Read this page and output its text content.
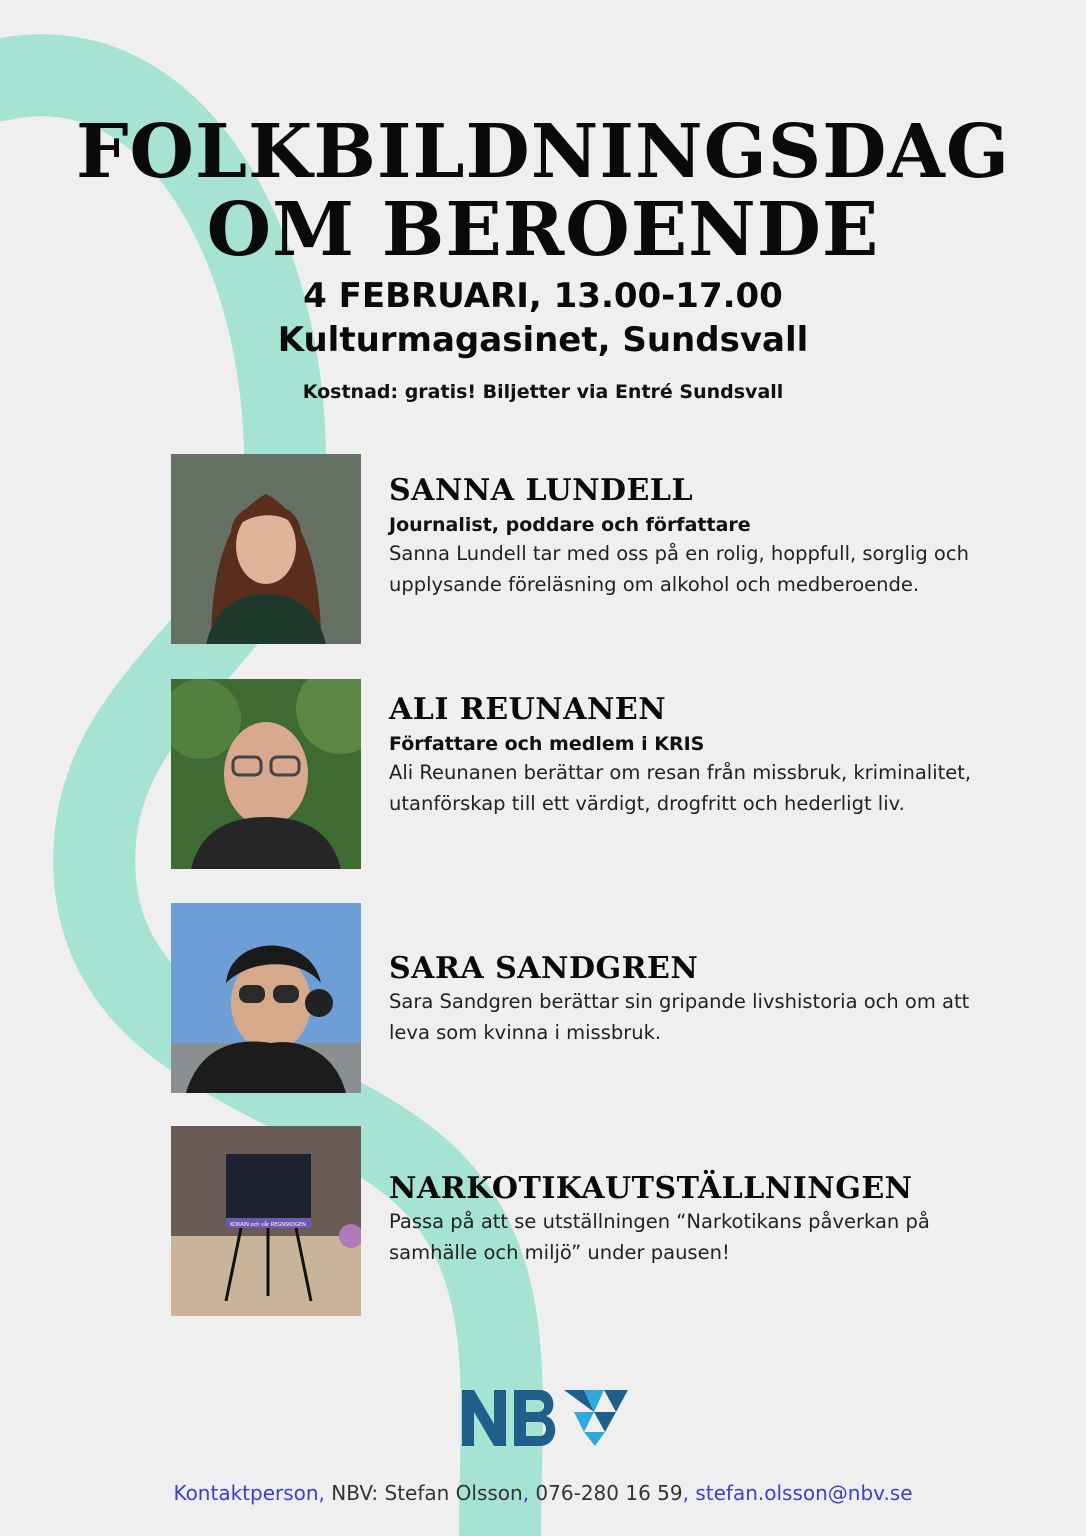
FOLKBILDNINGSDAG
OM BEROENDE
4 FEBRUARI, 13.00-17.00
Kulturmagasinet, Sundsvall
Kostnad: gratis! Biljetter via Entré Sundsvall
SANNA LUNDELL
Journalist, poddare och författare
Sanna Lundell tar med oss på en rolig, hoppfull, sorglig och upplysande föreläsning om alkohol och medberoende.
ALI REUNANEN
Författare och medlem i KRIS
Ali Reunanen berättar om resan från missbruk, kriminalitet, utanförskap till ett värdigt, drogfritt och hederligt liv.
SARA SANDGREN
Sara Sandgren berättar sin gripande livshistoria och om att leva som kvinna i missbruk.
KOKAIN och vår REGNSKOGEN
NARKOTIKAUTSTÄLLNINGEN
Passa på att se utställningen “Narkotikans påverkan på samhälle och miljö” under pausen!
Kontaktperson, NBV: Stefan Olsson, 076-280 16 59, stefan.olsson@nbv.se
